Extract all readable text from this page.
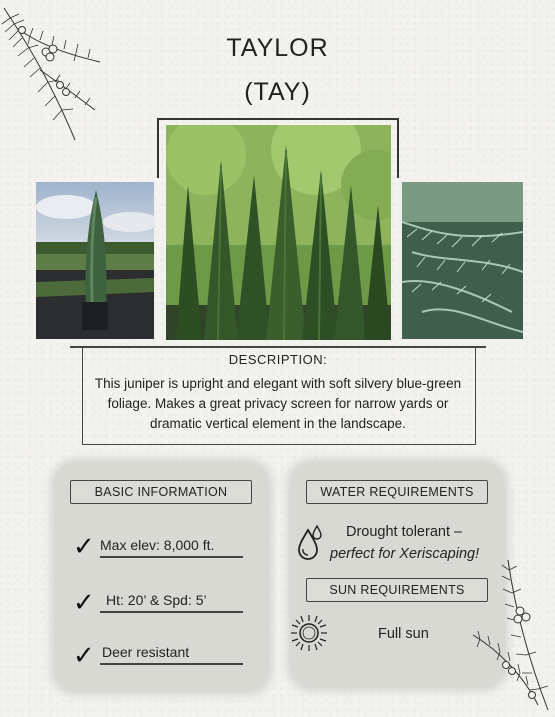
TAYLOR
(TAY)
DESCRIPTION:
This juniper is upright and elegant with soft silvery blue-green foliage. Makes a great privacy screen for narrow yards or dramatic vertical element in the landscape.
BASIC INFORMATION
✓ Max elev: 8,000 ft.
✓ Ht: 20’ & Spd: 5’
✓ Deer resistant
WATER REQUIREMENTS
Drought tolerant –
perfect for Xeriscaping!
SUN REQUIREMENTS
Full sun
